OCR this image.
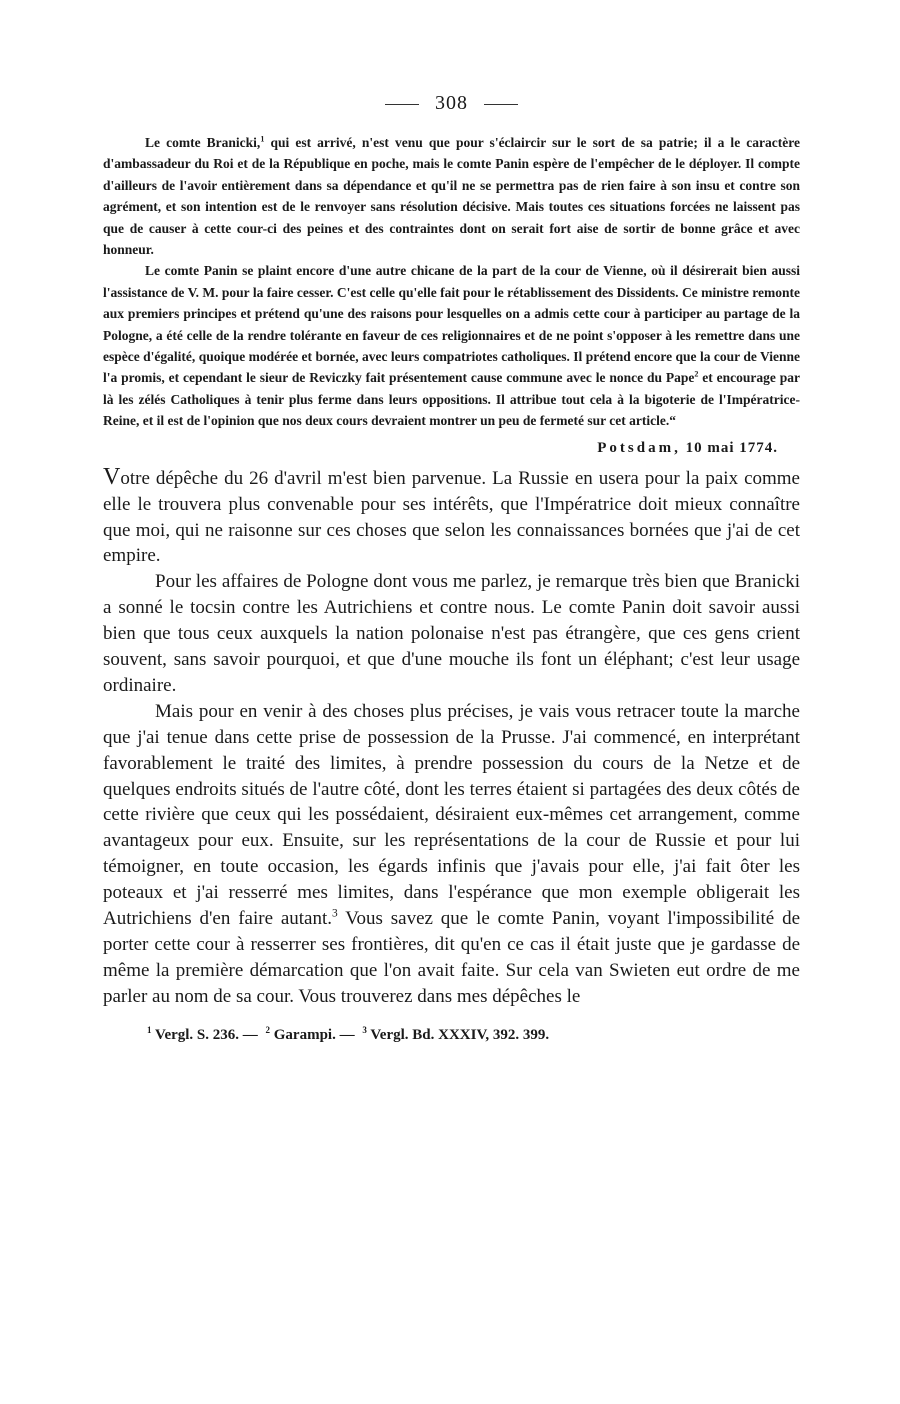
308

Le comte Branicki,$^1$ qui est arrivé, n'est venu que pour s'éclaircir sur le sort de sa patrie; il a le caractère d'ambassadeur du Roi et de la République en poche, mais le comte Panin espère de l'empêcher de le déployer. Il compte d'ailleurs de l'avoir entièrement dans sa dépendance et qu'il ne se permettra pas de rien faire à son insu et contre son agrément, et son intention est de le renvoyer sans résolution décisive. Mais toutes ces situations forcées ne laissent pas que de causer à cette cour-ci des peines et des contraintes dont on serait fort aise de sortir de bonne grâce et avec honneur.

Le comte Panin se plaint encore d'une autre chicane de la part de la cour de Vienne, où il désirerait bien aussi l'assistance de V. M. pour la faire cesser. C'est celle qu'elle fait pour le rétablissement des Dissidents. Ce ministre remonte aux premiers principes et prétend qu'une des raisons pour lesquelles on a admis cette cour à participer au partage de la Pologne, a été celle de la rendre tolérante en faveur de ces religionnaires et de ne point s'opposer à les remettre dans une espèce d'égalité, quoique modérée et bornée, avec leurs compatriotes catholiques. Il prétend encore que la cour de Vienne l'a promis, et cependant le sieur de Reviczky fait présentement cause commune avec le nonce du Pape$^2$ et encourage par là les zélés Catholiques à tenir plus ferme dans leurs oppositions. Il attribue tout cela à la bigoterie de l'Impératrice-Reine, et il est de l'opinion que nos deux cours devraient montrer un peu de fermeté sur cet article.“

Potsdam, 10 mai 1774.

Votre dépêche du 26 d'avril m'est bien parvenue. La Russie en usera pour la paix comme elle le trouvera plus convenable pour ses intérêts, que l'Impératrice doit mieux connaître que moi, qui ne raisonne sur ces choses que selon les connaissances bornées que j'ai de cet empire.

Pour les affaires de Pologne dont vous me parlez, je remarque très bien que Branicki a sonné le tocsin contre les Autrichiens et contre nous. Le comte Panin doit savoir aussi bien que tous ceux auxquels la nation polonaise n'est pas étrangère, que ces gens crient souvent, sans savoir pourquoi, et que d'une mouche ils font un éléphant; c'est leur usage ordinaire.

Mais pour en venir à des choses plus précises, je vais vous retracer toute la marche que j'ai tenue dans cette prise de possession de la Prusse. J'ai commencé, en interprétant favorablement le traité des limites, à prendre possession du cours de la Netze et de quelques endroits situés de l'autre côté, dont les terres étaient si partagées des deux côtés de cette rivière que ceux qui les possédaient, désiraient eux-mêmes cet arrangement, comme avantageux pour eux. Ensuite, sur les représentations de la cour de Russie et pour lui témoigner, en toute occasion, les égards infinis que j'avais pour elle, j'ai fait ôter les poteaux et j'ai resserré mes limites, dans l'espérance que mon exemple obligerait les Autrichiens d'en faire autant.$^3$ Vous savez que le comte Panin, voyant l'impossibilité de porter cette cour à resserrer ses frontières, dit qu'en ce cas il était juste que je gardasse de même la première démarcation que l'on avait faite. Sur cela van Swieten eut ordre de me parler au nom de sa cour. Vous trouverez dans mes dépêches le

$^1$ Vergl. S. 236. — $^2$ Garampi. — $^3$ Vergl. Bd. XXXIV, 392. 399.
